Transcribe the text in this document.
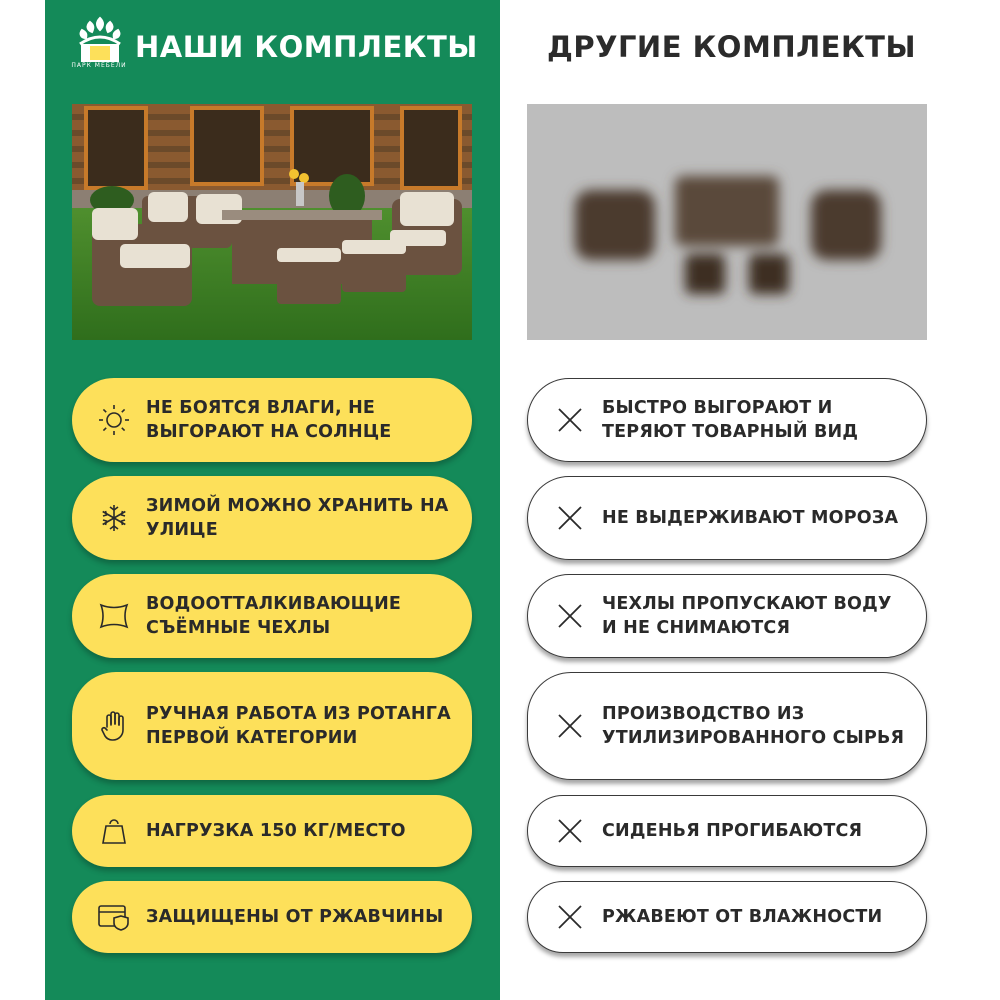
ПАРК МЕБЕЛИ
НАШИ КОМПЛЕКТЫ ДРУГИЕ КОМПЛЕКТЫ
НЕ БОЯТСЯ ВЛАГИ, НЕ ВЫГОРАЮТ НА СОЛНЦЕ
ЗИМОЙ МОЖНО ХРАНИТЬ НА УЛИЦЕ
ВОДООТТАЛКИВАЮЩИЕ СЪЁМНЫЕ ЧЕХЛЫ
РУЧНАЯ РАБОТА ИЗ РОТАНГА ПЕРВОЙ КАТЕГОРИИ
НАГРУЗКА 150 КГ/МЕСТО
ЗАЩИЩЕНЫ ОТ РЖАВЧИНЫ
БЫСТРО ВЫГОРАЮТ И ТЕРЯЮТ ТОВАРНЫЙ ВИД
НЕ ВЫДЕРЖИВАЮТ МОРОЗА
ЧЕХЛЫ ПРОПУСКАЮТ ВОДУ И НЕ СНИМАЮТСЯ
ПРОИЗВОДСТВО ИЗ УТИЛИЗИРОВАННОГО СЫРЬЯ
СИДЕНЬЯ ПРОГИБАЮТСЯ
РЖАВЕЮТ ОТ ВЛАЖНОСТИ
